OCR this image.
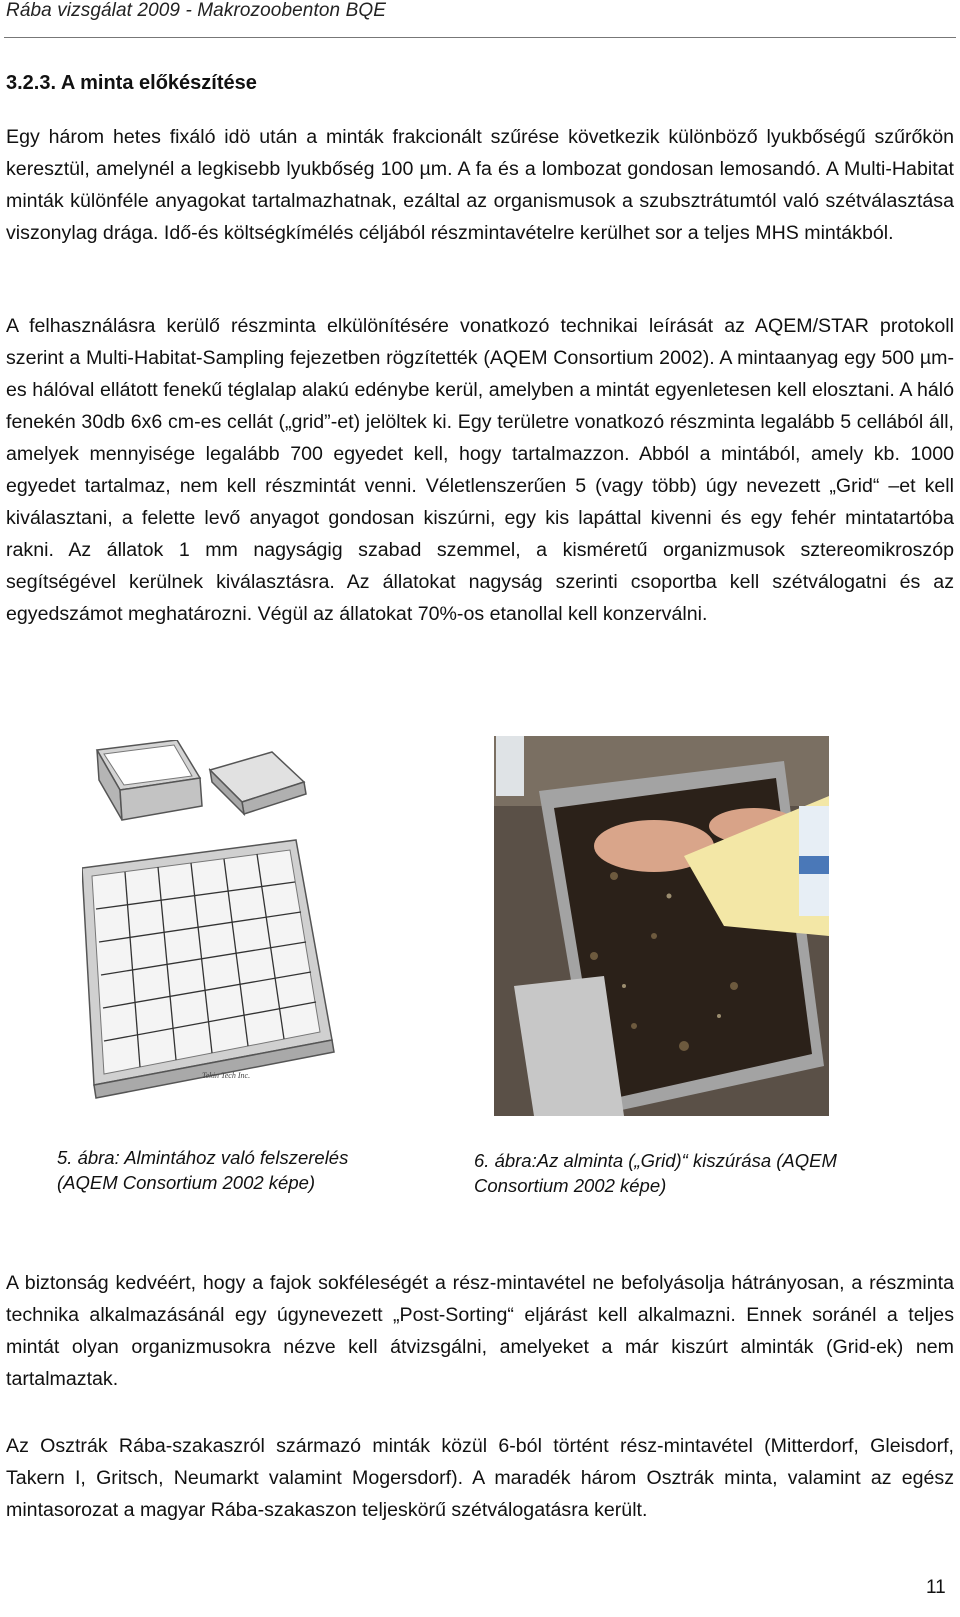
Rába vizsgálat 2009 - Makrozoobenton BQE
3.2.3. A minta előkészítése

Egy három hetes fixáló idö után a minták frakcionált szűrése következik különböző lyukbőségű szűrőkön keresztül, amelynél a legkisebb lyukbőség 100 µm. A fa és a lombozat gondosan lemosandó. A Multi-Habitat minták különféle anyagokat tartalmazhatnak, ezáltal az organismusok a szubsztrátumtól való szétválasztása viszonylag drága. Idő-és költségkímélés céljából részmintavételre kerülhet sor a teljes MHS mintákból.

A felhasználásra kerülő részminta elkülönítésére vonatkozó technikai leírását az AQEM/STAR protokoll szerint a Multi-Habitat-Sampling fejezetben rögzítették (AQEM Consortium 2002). A mintaanyag egy 500 µm-es hálóval ellátott fenekű téglalap alakú edénybe kerül, amelyben a mintát egyenletesen kell elosztani. A háló fenekén 30db 6x6 cm-es cellát („grid”-et) jelöltek ki. Egy területre vonatkozó részminta legalább 5 cellából áll, amelyek mennyisége legalább 700 egyedet kell, hogy tartalmazzon. Abból a mintából, amely kb. 1000 egyedet tartalmaz, nem kell részmintát venni. Véletlenszerűen 5 (vagy több) úgy nevezett „Grid“ –et kell kiválasztani, a felette levő anyagot gondosan kiszúrni, egy kis lapáttal kivenni és egy fehér mintatartóba rakni. Az állatok 1 mm nagyságig szabad szemmel, a kisméretű organizmusok sztereomikroszóp segítségével kerülnek kiválasztásra. Az állatokat nagyság szerinti csoportba kell szétválogatni és az egyedszámot meghatározni. Végül az állatokat 70%-os etanollal kell konzerválni.

Tekin Tech Inc.
5. ábra: Almintához való felszerelés
(AQEM Consortium 2002 képe)
6. ábra:Az alminta („Grid)“ kiszúrása (AQEM
Consortium 2002 képe)

A biztonság kedvéért, hogy a fajok sokféleségét a rész-mintavétel ne befolyásolja hátrányosan, a részminta technika alkalmazásánál egy úgynevezett „Post-Sorting“ eljárást kell alkalmazni. Ennek soránél a teljes mintát olyan organizmusokra nézve kell átvizsgálni, amelyeket a már kiszúrt alminták (Grid-ek) nem tartalmaztak.

Az Osztrák Rába-szakaszról származó minták közül 6-ból történt rész-mintavétel (Mitterdorf, Gleisdorf, Takern I, Gritsch, Neumarkt valamint Mogersdorf). A maradék három Osztrák minta, valamint az egész mintasorozat a magyar Rába-szakaszon teljeskörű szétválogatásra került.

11
